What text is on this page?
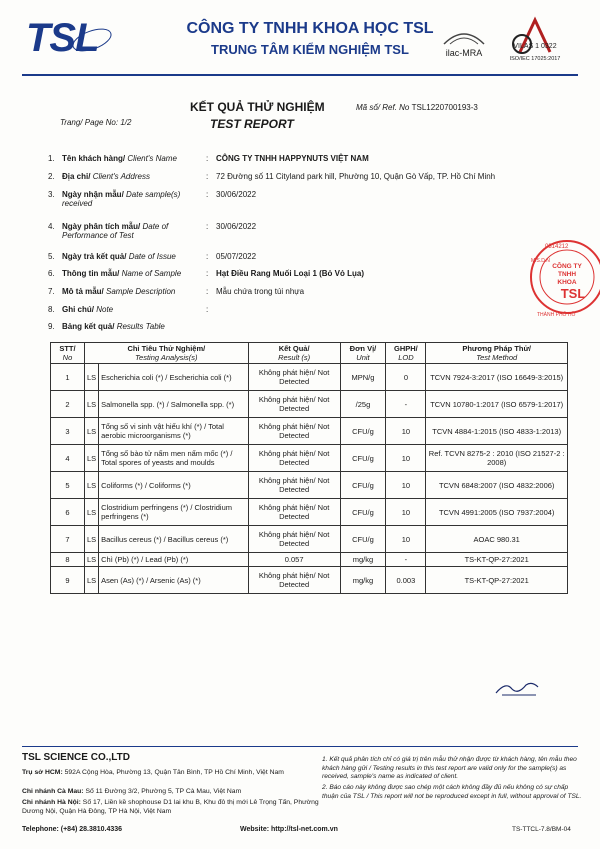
TSL	CÔNG TY TNHH KHOA HỌC TSL
TRUNG TÂM KIỂM NGHIỆM TSL	ilac-MRA
VILAS 1 0322
ISO/IEC 17025:2017
KẾT QUẢ THỬ NGHIỆM
TEST REPORT
Mã số/ Ref. No TSL1220700193-3
Trang/ Page No: 1/2
1. Tên khách hàng/ Client's Name	: CÔNG TY TNHH HAPPYNUTS VIỆT NAM
2. Địa chỉ/ Client's Address	: 72 Đường số 11 Cityland park hill, Phường 10, Quận Gò Vấp, TP. Hồ Chí Minh
3. Ngày nhận mẫu/ Date sample(s)
received
: 30/06/2022
4. Ngày phân tích mẫu/ Date of
Performance of Test
: 30/06/2022
5. Ngày trả kết quả/ Date of Issue	: 05/07/2022
6. Thông tin mẫu/ Name of Sample	: Hạt Điều Rang Muối Loại 1 (Bỏ Vỏ Lụa)
7. Mô tả mẫu/ Sample Description	: Mẫu chứa trong túi nhựa
8. Ghi chú/ Note	:
9. Bảng kết quả/ Results Table
STT/
No	Chỉ Tiêu Thử Nghiệm/
Testing Analysis(s)		Kết Quả/
Result (s)	Đơn Vị/
Unit	GHPH/
LOD	Phương Pháp Thử/
Test Method
1	LS	Escherichia coli (*) / Escherichia coli (*)	Không phát hiện/ Not Detected	MPN/g	0	TCVN 7924-3:2017 (ISO 16649-3:2015)
2	LS	Salmonella spp. (*) / Salmonella spp. (*)	Không phát hiện/ Not Detected	/25g	-	TCVN 10780-1:2017 (ISO 6579-1:2017)
3	LS	Tổng số vi sinh vật hiếu khí (*) / Total aerobic microorganisms (*)	Không phát hiện/ Not Detected	CFU/g	10	TCVN 4884-1:2015 (ISO 4833-1:2013)
4	LS	Tổng số bào tử nấm men nấm mốc (*) / Total spores of yeasts and moulds	Không phát hiện/ Not Detected	CFU/g	10	Ref. TCVN 8275-2 : 2010 (ISO 21527-2 : 2008)
5	LS	Coliforms (*) / Coliforms (*)	Không phát hiện/ Not Detected	CFU/g	10	TCVN 6848:2007 (ISO 4832:2006)
6	LS	Clostridium perfringens (*) / Clostridium perfringens (*)	Không phát hiện/ Not Detected	CFU/g	10	TCVN 4991:2005 (ISO 7937:2004)
7	LS	Bacillus cereus (*) / Bacillus cereus (*)	Không phát hiện/ Not Detected	CFU/g	10	AOAC 980.31
8	LS	Chì (Pb) (*) / Lead (Pb) (*)	0.057	mg/kg	-	TS-KT-QP-27:2021
9	LS	Asen (As) (*) / Arsenic (As) (*)	Không phát hiện/ Not Detected	mg/kg	0.003	TS-KT-QP-27:2021
0314212
M.S.D.N
CÔNG TY
TNHH
KHOA
TSL
THÀNH PHỐ HỒ
TSL SCIENCE CO.,LTD
Trụ sở HCM: 592A Cộng Hòa, Phường 13, Quận Tân Bình, TP Hồ Chí Minh, Việt Nam
Chi nhánh Cà Mau: Số 11 Đường 3/2, Phường 5, TP Cà Mau, Việt Nam
Chi nhánh Hà Nội: Số 17, Liền kề shophouse D1 lai khu B, Khu đô thị mới Lê Trọng Tấn, Phường Dương Nội, Quận Hà Đông, TP Hà Nội, Việt Nam
1. Kết quả phân tích chỉ có giá trị trên mẫu thử nhận được từ khách hàng, tên mẫu theo khách hàng gửi / Testing results in this test report are valid only for the sample(s) as received, sample's name as indicated of client.
2. Báo cáo này không được sao chép một cách không đầy đủ nếu không có sự chấp thuận của TSL / This report will not be reproduced except in full, without approval of TSL.
Telephone: (+84) 28.3810.4336	Website: http://tsl-net.com.vn	TS-TTCL-7.8/BM-04
